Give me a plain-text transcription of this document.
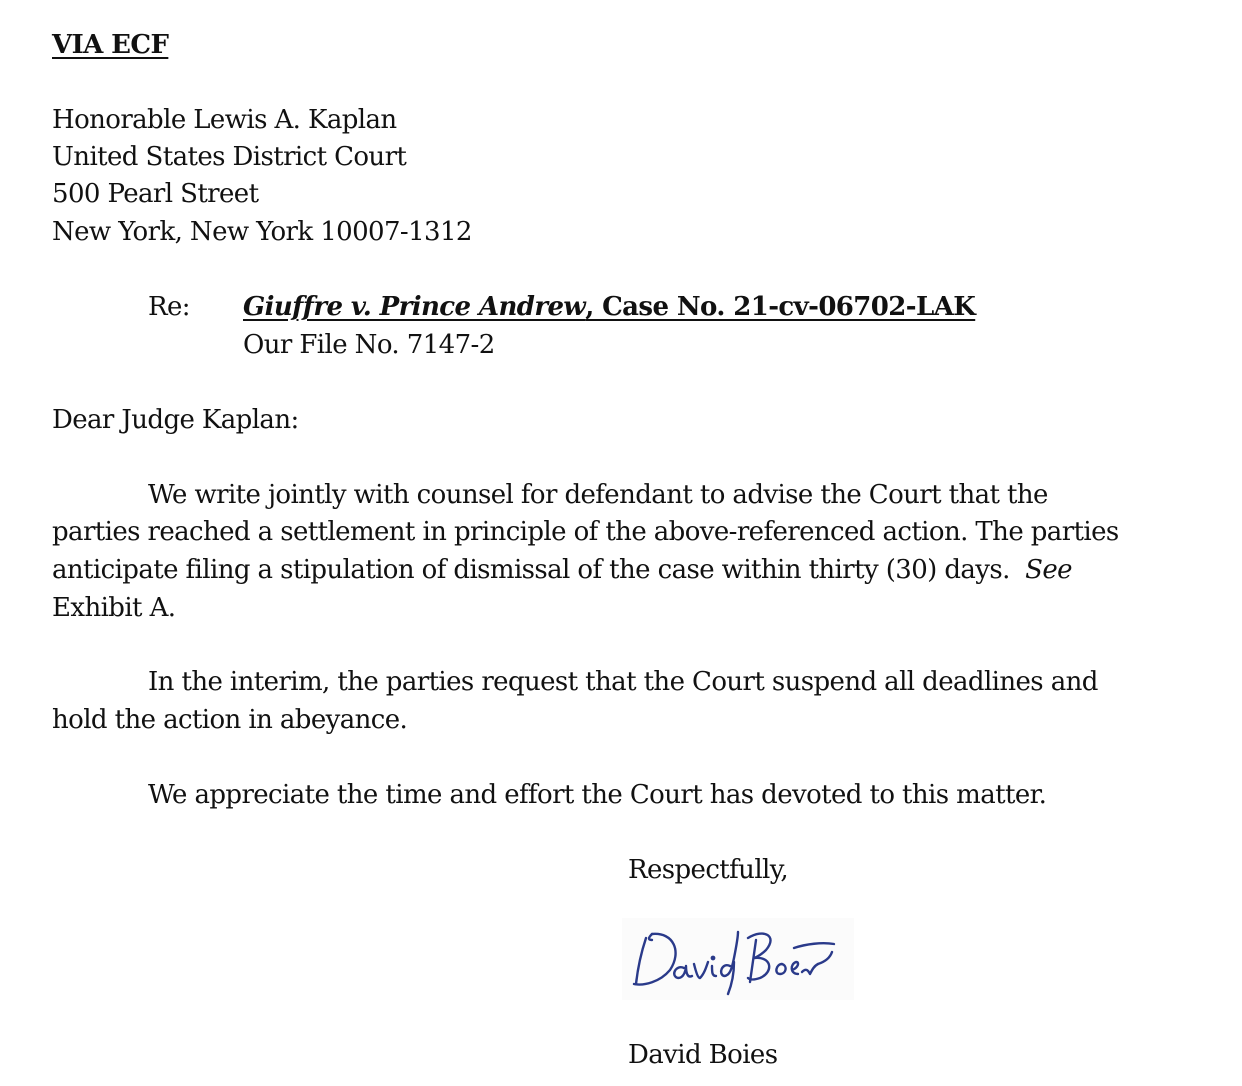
VIA ECF
Honorable Lewis A. Kaplan
United States District Court
500 Pearl Street
New York, New York 10007-1312
Re: Giuffre v. Prince Andrew, Case No. 21-cv-06702-LAK
Our File No. 7147-2
Dear Judge Kaplan:
We write jointly with counsel for defendant to advise the Court that the
parties reached a settlement in principle of the above-referenced action. The parties
anticipate filing a stipulation of dismissal of the case within thirty (30) days.  See
Exhibit A.
In the interim, the parties request that the Court suspend all deadlines and
hold the action in abeyance.
We appreciate the time and effort the Court has devoted to this matter.
Respectfully,
David Boies
